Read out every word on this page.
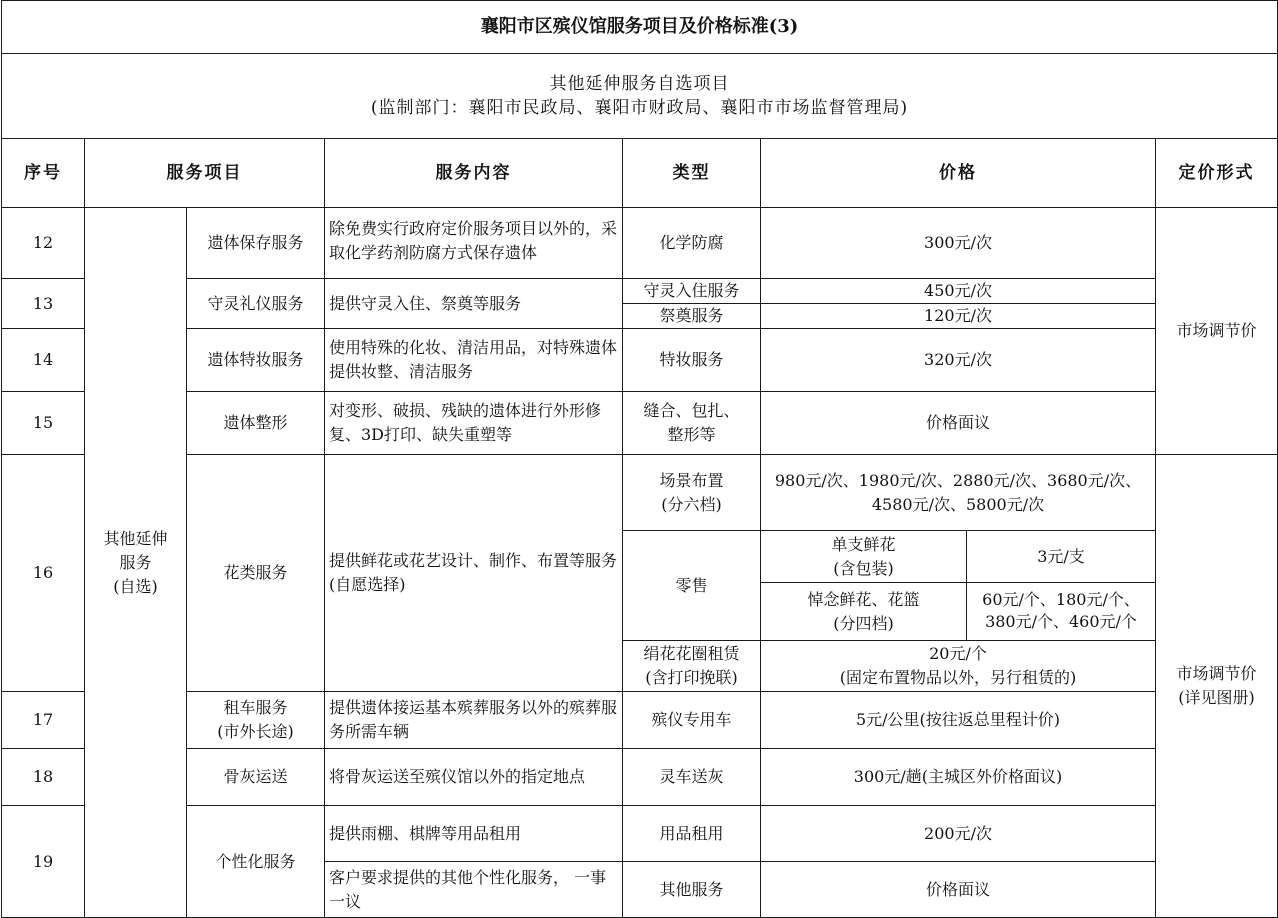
襄阳市区殡仪馆服务项目及价格标准(3)							

其他延伸服务自选项目
(监制部门：襄阳市民政局、襄阳市财政局、襄阳市市场监督管理局)							

序号	服务项目		服务内容	类型	价格		定价形式
12	其他延伸
服务
(自选)	遗体保存服务	除免费实行政府定价服务项目以外的，采取化学药剂防腐方式保存遗体	化学防腐	300元/次		市场调节价
13		守灵礼仪服务	提供守灵入住、祭奠等服务	守灵入住服务	450元/次		
				祭奠服务	120元/次		
14		遗体特妆服务	使用特殊的化妆、清洁用品，对特殊遗体提供妆整、清洁服务	特妆服务	320元/次		
15		遗体整形	对变形、破损、残缺的遗体进行外形修复、3D打印、缺失重塑等	缝合、包扎、
整形等	价格面议		
16		花类服务	提供鲜花或花艺设计、制作、布置等服务(自愿选择)	场景布置
(分六档)	980元/次、1980元/次、2880元/次、3680元/次、4580元/次、5800元/次		市场调节价
(详见图册)

				零售	单支鲜花
(含包装)	3元/支	

					悼念鲜花、花篮
(分四档)	60元/个、180元/个、380元/个、460元/个	

				绢花花圈租赁
(含打印挽联)	20元/个
(固定布置物品以外，另行租赁的)		

17		租车服务
(市外长途)	提供遗体接运基本殡葬服务以外的殡葬服务所需车辆	殡仪专用车	5元/公里(按往返总里程计价)		
18		骨灰运送	将骨灰运送至殡仪馆以外的指定地点	灵车送灰	300元/趟(主城区外价格面议)		
19		个性化服务	提供雨棚、棋牌等用品租用	用品租用	200元/次		
			客户要求提供的其他个性化服务， 一事一议	其他服务	价格面议		
